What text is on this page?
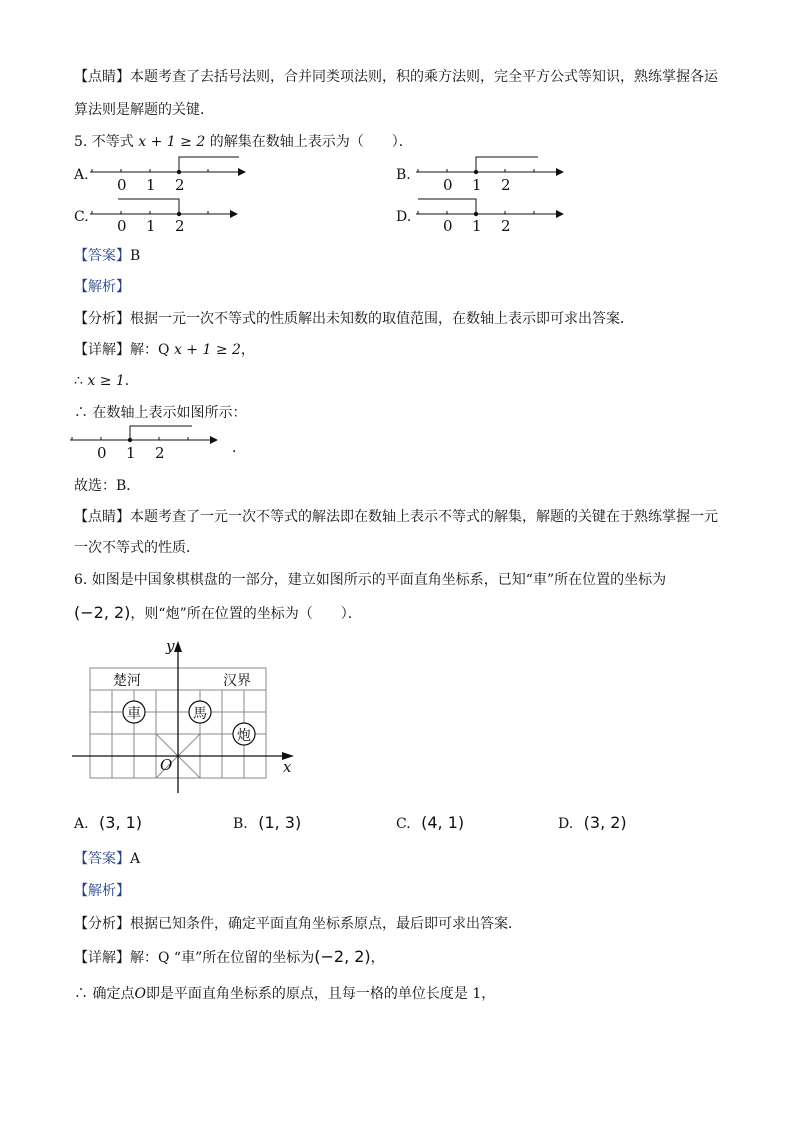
【点睛】本题考查了去括号法则，合并同类项法则，积的乘方法则，完全平方公式等知识，熟练掌握各运
算法则是解题的关键．
5. 不等式 x + 1 ≥ 2 的解集在数轴上表示为（　　）．
A.
0 1 2
B.
0 1 2
C. 0 1 2	D. 0 1 2
【答案】B
【解析】
【分析】根据一元一次不等式的性质解出未知数的取值范围，在数轴上表示即可求出答案．
【详解】解：Q x + 1 ≥ 2，
∴ x ≥ 1．
∴ 在数轴上表示如图所示：
0 1 2	．
故选：B．
【点睛】本题考查了一元一次不等式的解法即在数轴上表示不等式的解集，解题的关键在于熟练掌握一元
一次不等式的性质．
6. 如图是中国象棋棋盘的一部分，建立如图所示的平面直角坐标系，已知“車”所在位置的坐标为
(−2, 2)，则“炮”所在位置的坐标为（　　）．
楚河	汉界
車	馬
炮
y
x
O
A. (3, 1)	B. (1, 3)	C. (4, 1)	D. (3, 2)
【答案】A
【解析】
【分析】根据已知条件，确定平面直角坐标系原点，最后即可求出答案．
【详解】解：Q “車”所在位留的坐标为(−2, 2)，
∴ 确定点O即是平面直角坐标系的原点，且每一格的单位长度是 1，
